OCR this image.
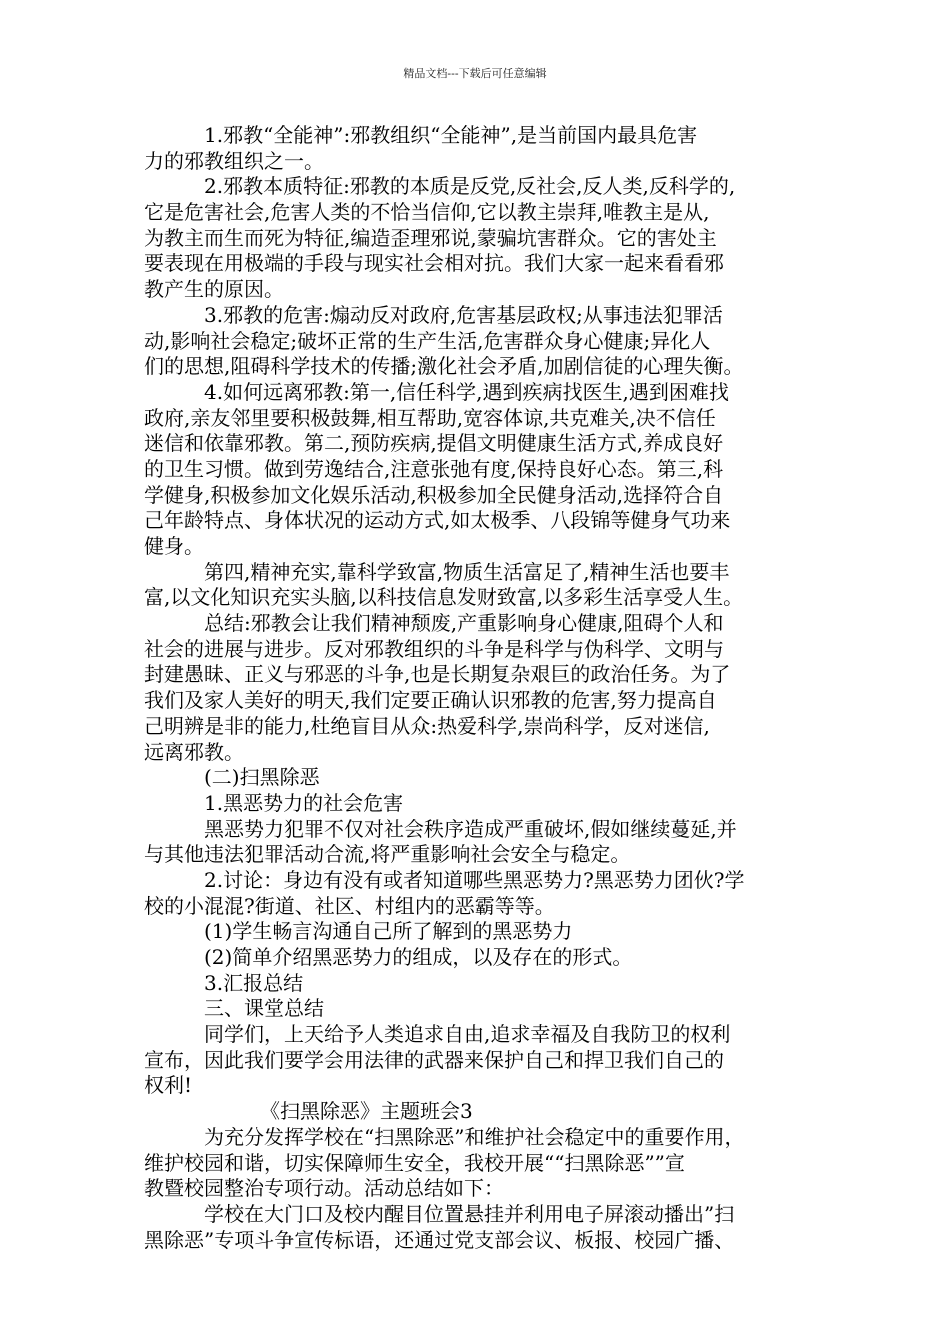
精品文档---下载后可任意编辑
1.邪教“全能神”:邪教组织“全能神”,是当前国内最具危害
力的邪教组织之一。
2.邪教本质特征:邪教的本质是反党,反社会,反人类,反科学的,
它是危害社会,危害人类的不恰当信仰,它以教主崇拜,唯教主是从,
为教主而生而死为特征,编造歪理邪说,蒙骗坑害群众。它的害处主
要表现在用极端的手段与现实社会相对抗。我们大家一起来看看邪
教产生的原因。
3.邪教的危害:煽动反对政府,危害基层政权;从事违法犯罪活
动,影响社会稳定;破坏正常的生产生活,危害群众身心健康;异化人
们的思想,阻碍科学技术的传播;激化社会矛盾,加剧信徒的心理失衡。
4.如何远离邪教:第一,信任科学,遇到疾病找医生,遇到困难找
政府,亲友邻里要积极鼓舞,相互帮助,宽容体谅,共克难关,决不信任
迷信和依靠邪教。第二,预防疾病,提倡文明健康生活方式,养成良好
的卫生习惯。做到劳逸结合,注意张弛有度,保持良好心态。第三,科
学健身,积极参加文化娱乐活动,积极参加全民健身活动,选择符合自
己年龄特点、身体状况的运动方式,如太极季、八段锦等健身气功来
健身。
第四,精神充实,靠科学致富,物质生活富足了,精神生活也要丰
富,以文化知识充实头脑,以科技信息发财致富,以多彩生活享受人生。
总结:邪教会让我们精神颓废,产重影响身心健康,阻碍个人和
社会的进展与进步。反对邪教组织的斗争是科学与伪科学、文明与
封建愚昧、正义与邪恶的斗争,也是长期复杂艰巨的政治任务。为了
我们及家人美好的明天,我们定要正确认识邪教的危害,努力提高自
己明辨是非的能力,杜绝盲目从众:热爱科学,崇尚科学，反对迷信,
远离邪教。
(二)扫黑除恶
1.黑恶势力的社会危害
黑恶势力犯罪不仅对社会秩序造成严重破坏,假如继续蔓延,并
与其他违法犯罪活动合流,将严重影响社会安全与稳定。
2.讨论：身边有没有或者知道哪些黑恶势力?黑恶势力团伙?学
校的小混混?街道、社区、村组内的恶霸等等。
(1)学生畅言沟通自己所了解到的黑恶势力
(2)简单介绍黑恶势力的组成，以及存在的形式。
3.汇报总结
三、课堂总结
同学们，上天给予人类追求自由,追求幸福及自我防卫的权利
宣布，因此我们要学会用法律的武器来保护自己和捍卫我们自己的
权利!
《扫黑除恶》主题班会3
为充分发挥学校在“扫黑除恶”和维护社会稳定中的重要作用，
维护校园和谐，切实保障师生安全，我校开展““扫黑除恶””宣
教暨校园整治专项行动。活动总结如下：
学校在大门口及校内醒目位置悬挂并利用电子屏滚动播出”扫
黑除恶”专项斗争宣传标语，还通过党支部会议、板报、校园广播、
